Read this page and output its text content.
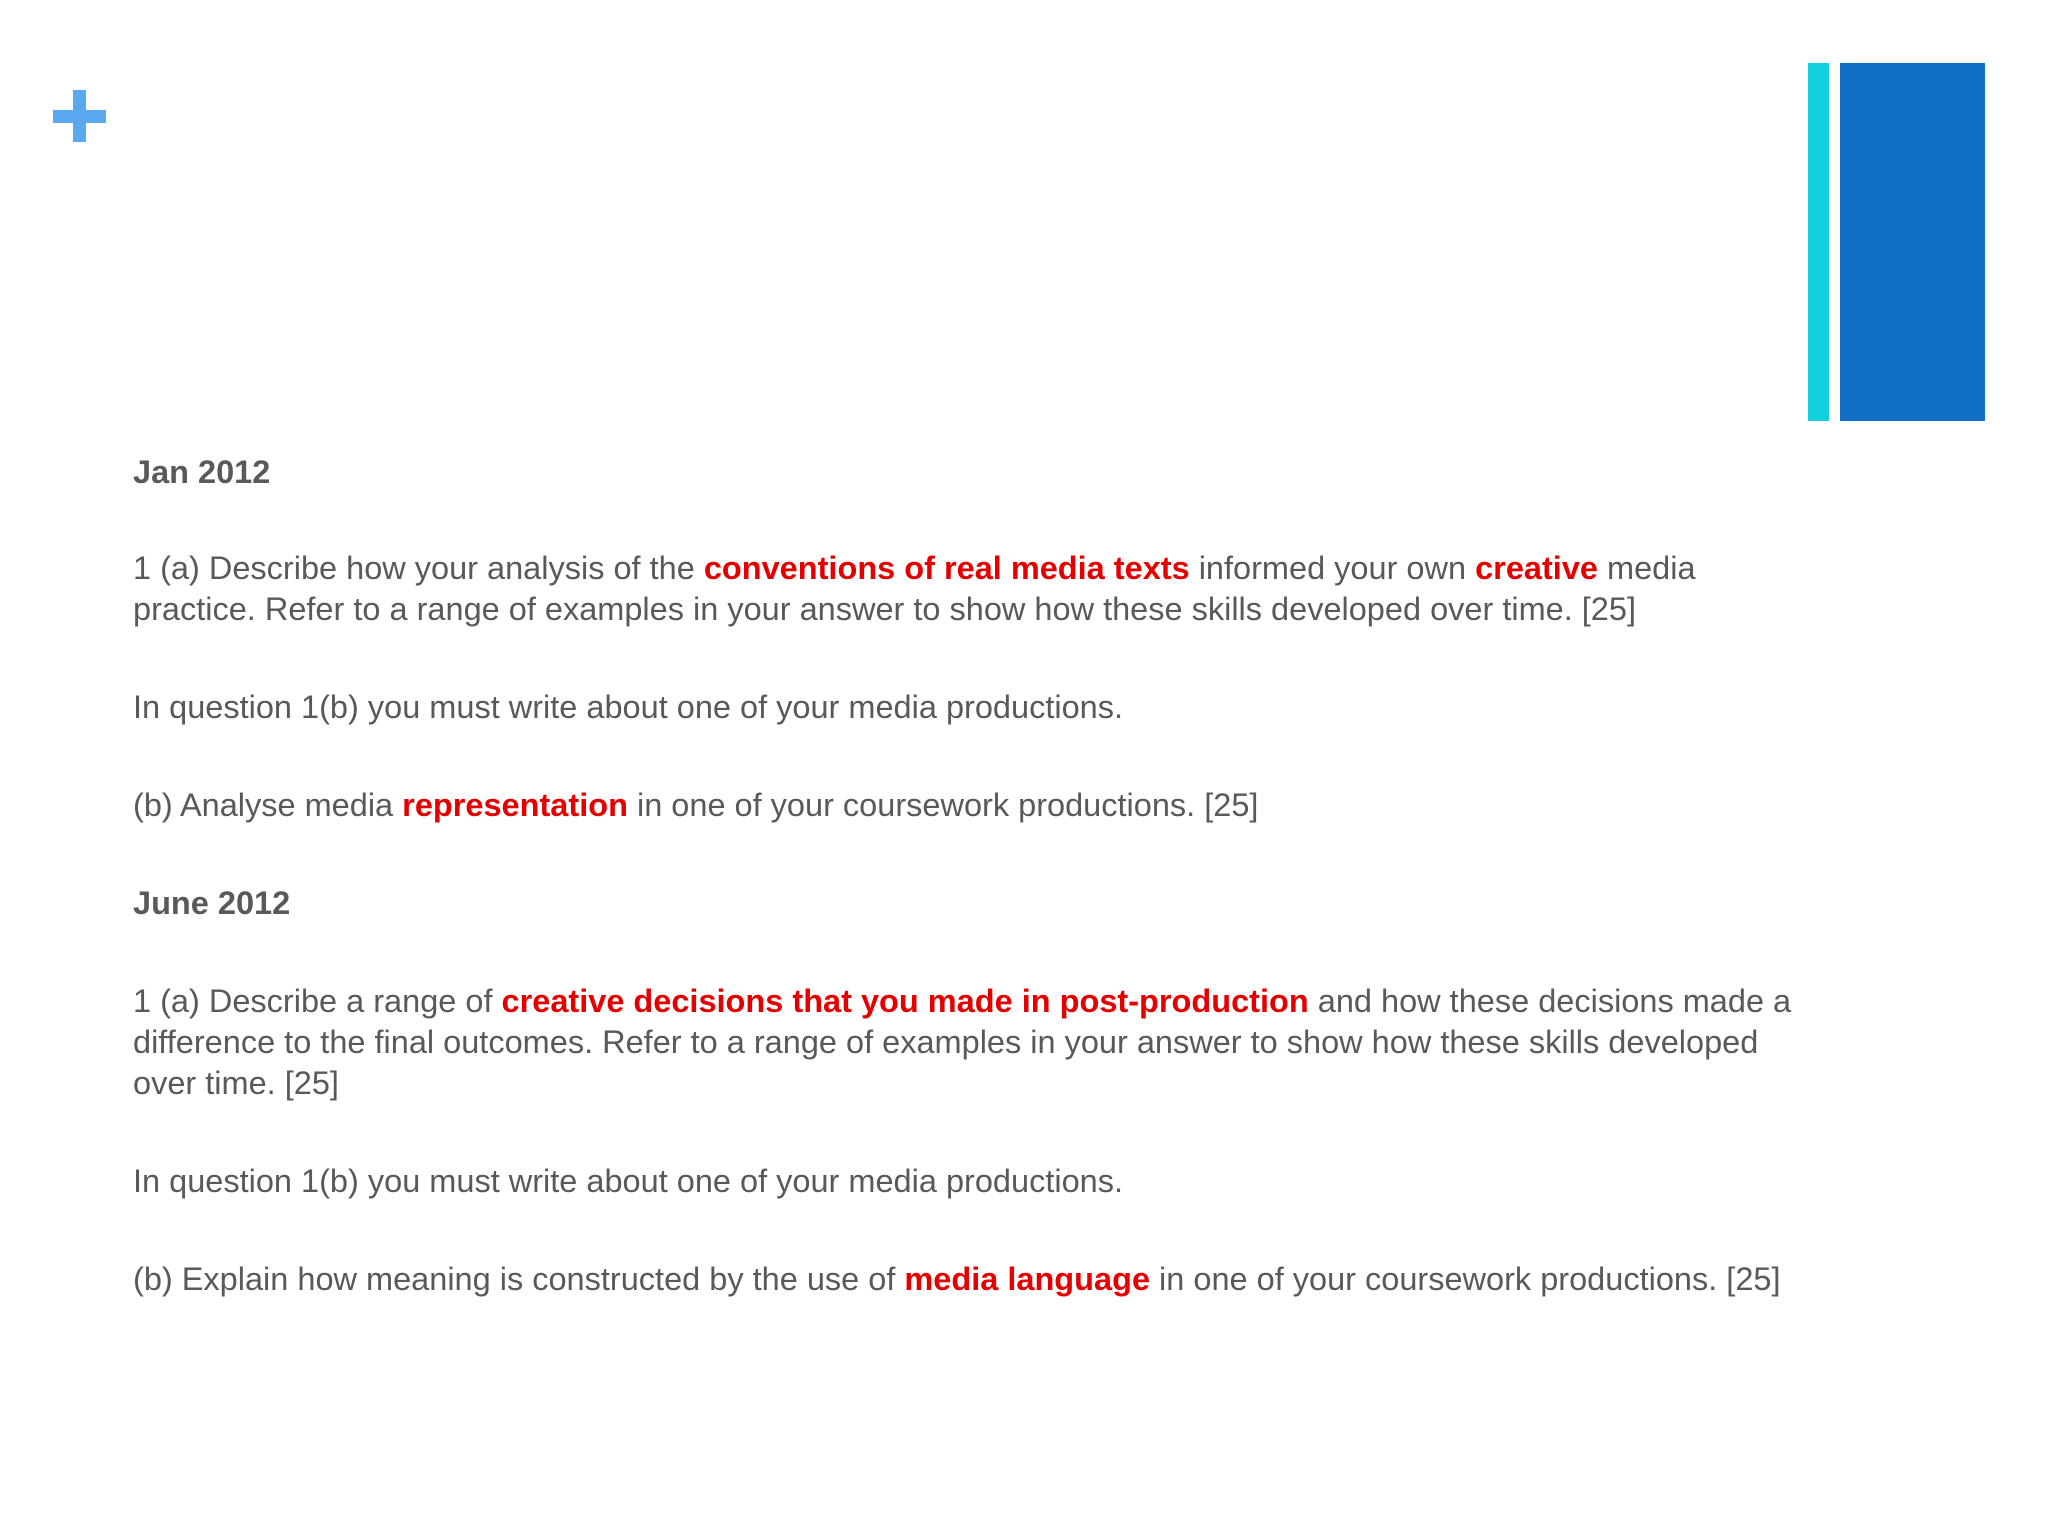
Jan 2012

1 (a) Describe how your analysis of the conventions of real media texts informed your own creative media practice. Refer to a range of examples in your answer to show how these skills developed over time. [25]

In question 1(b) you must write about one of your media productions.

(b) Analyse media representation in one of your coursework productions. [25]

June 2012

1 (a) Describe a range of creative decisions that you made in post-production and how these decisions made a difference to the final outcomes. Refer to a range of examples in your answer to show how these skills developed over time. [25]

In question 1(b) you must write about one of your media productions.

(b) Explain how meaning is constructed by the use of media language in one of your coursework productions. [25]
